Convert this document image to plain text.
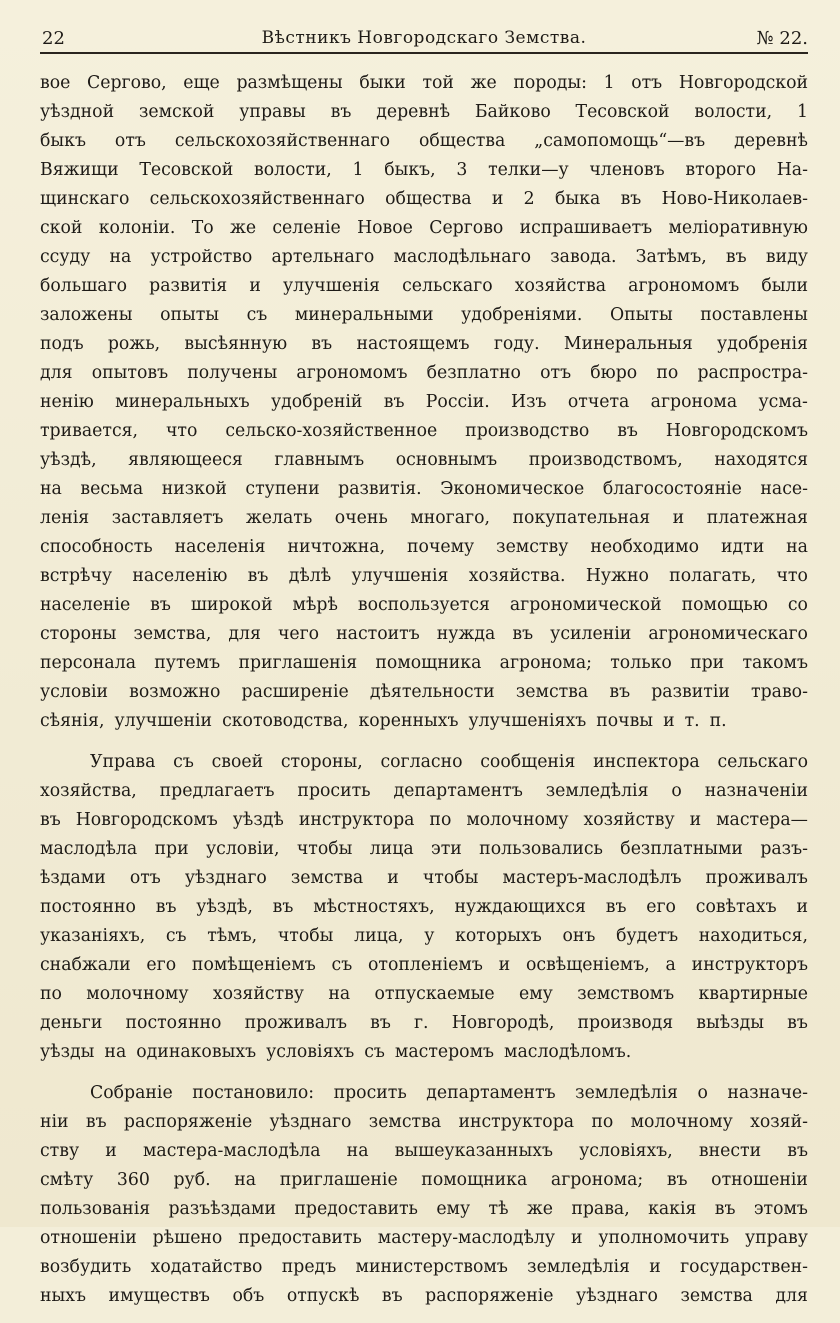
22	Вѣстникъ Новгородскаго Земства.	№ 22.
вое Сергово, еще размѣщены быки той же породы: 1 отъ Новгородской
уѣздной земской управы въ деревнѣ Байково Тесовской волости, 1
быкъ отъ сельскохозяйственнаго общества „самопомощь“—въ деревнѣ
Вяжищи Тесовской волости, 1 быкъ, 3 телки—у членовъ второго На-
щинскаго сельскохозяйственнаго общества и 2 быка въ Ново-Николаев-
ской колоніи. То же селеніе Новое Сергово испрашиваетъ меліоративную
ссуду на устройство артельнаго маслодѣльнаго завода. Затѣмъ, въ виду
большаго развитія и улучшенія сельскаго хозяйства агрономомъ были
заложены опыты съ минеральными удобреніями. Опыты поставлены
подъ рожь, высѣянную въ настоящемъ году. Минеральныя удобренія
для опытовъ получены агрономомъ безплатно отъ бюро по распростра-
ненію минеральныхъ удобреній въ Россіи. Изъ отчета агронома усма-
тривается, что сельско-хозяйственное производство въ Новгородскомъ
уѣздѣ, являющееся главнымъ основнымъ производствомъ, находятся
на весьма низкой ступени развитія. Экономическое благосостояніе насе-
ленія заставляетъ желать очень многаго, покупательная и платежная
способность населенія ничтожна, почему земству необходимо идти на
встрѣчу населенію въ дѣлѣ улучшенія хозяйства. Нужно полагать, что
населеніе въ широкой мѣрѣ воспользуется агрономической помощью со
стороны земства, для чего настоитъ нужда въ усиленіи агрономическаго
персонала путемъ приглашенія помощника агронома; только при такомъ
условіи возможно расширеніе дѣятельности земства въ развитіи траво-
сѣянія, улучшеніи скотоводства, коренныхъ улучшеніяхъ почвы и т. п.
Управа съ своей стороны, согласно сообщенія инспектора сельскаго
хозяйства, предлагаетъ просить департаментъ земледѣлія о назначеніи
въ Новгородскомъ уѣздѣ инструктора по молочному хозяйству и мастера—
маслодѣла при условіи, чтобы лица эти пользовались безплатными разъ-
ѣздами отъ уѣзднаго земства и чтобы мастеръ-маслодѣлъ проживалъ
постоянно въ уѣздѣ, въ мѣстностяхъ, нуждающихся въ его совѣтахъ и
указаніяхъ, съ тѣмъ, чтобы лица, у которыхъ онъ будетъ находиться,
снабжали его помѣщеніемъ съ отопленіемъ и освѣщеніемъ, а инструкторъ
по молочному хозяйству на отпускаемые ему земствомъ квартирные
деньги постоянно проживалъ въ г. Новгородѣ, производя выѣзды въ
уѣзды на одинаковыхъ условіяхъ съ мастеромъ маслодѣломъ.
Собраніе постановило: просить департаментъ земледѣлія о назначе-
ніи въ распоряженіе уѣзднаго земства инструктора по молочному хозяй-
ству и мастера-маслодѣла на вышеуказанныхъ условіяхъ, внести въ
смѣту 360 руб. на приглашеніе помощника агронома; въ отношеніи
пользованія разъѣздами предоставить ему тѣ же права, какія въ этомъ
отношеніи рѣшено предоставить мастеру-маслодѣлу и уполномочить управу
возбудить ходатайство предъ министерствомъ земледѣлія и государствен-
ныхъ имуществъ объ отпускѣ въ распоряженіе уѣзднаго земства для
